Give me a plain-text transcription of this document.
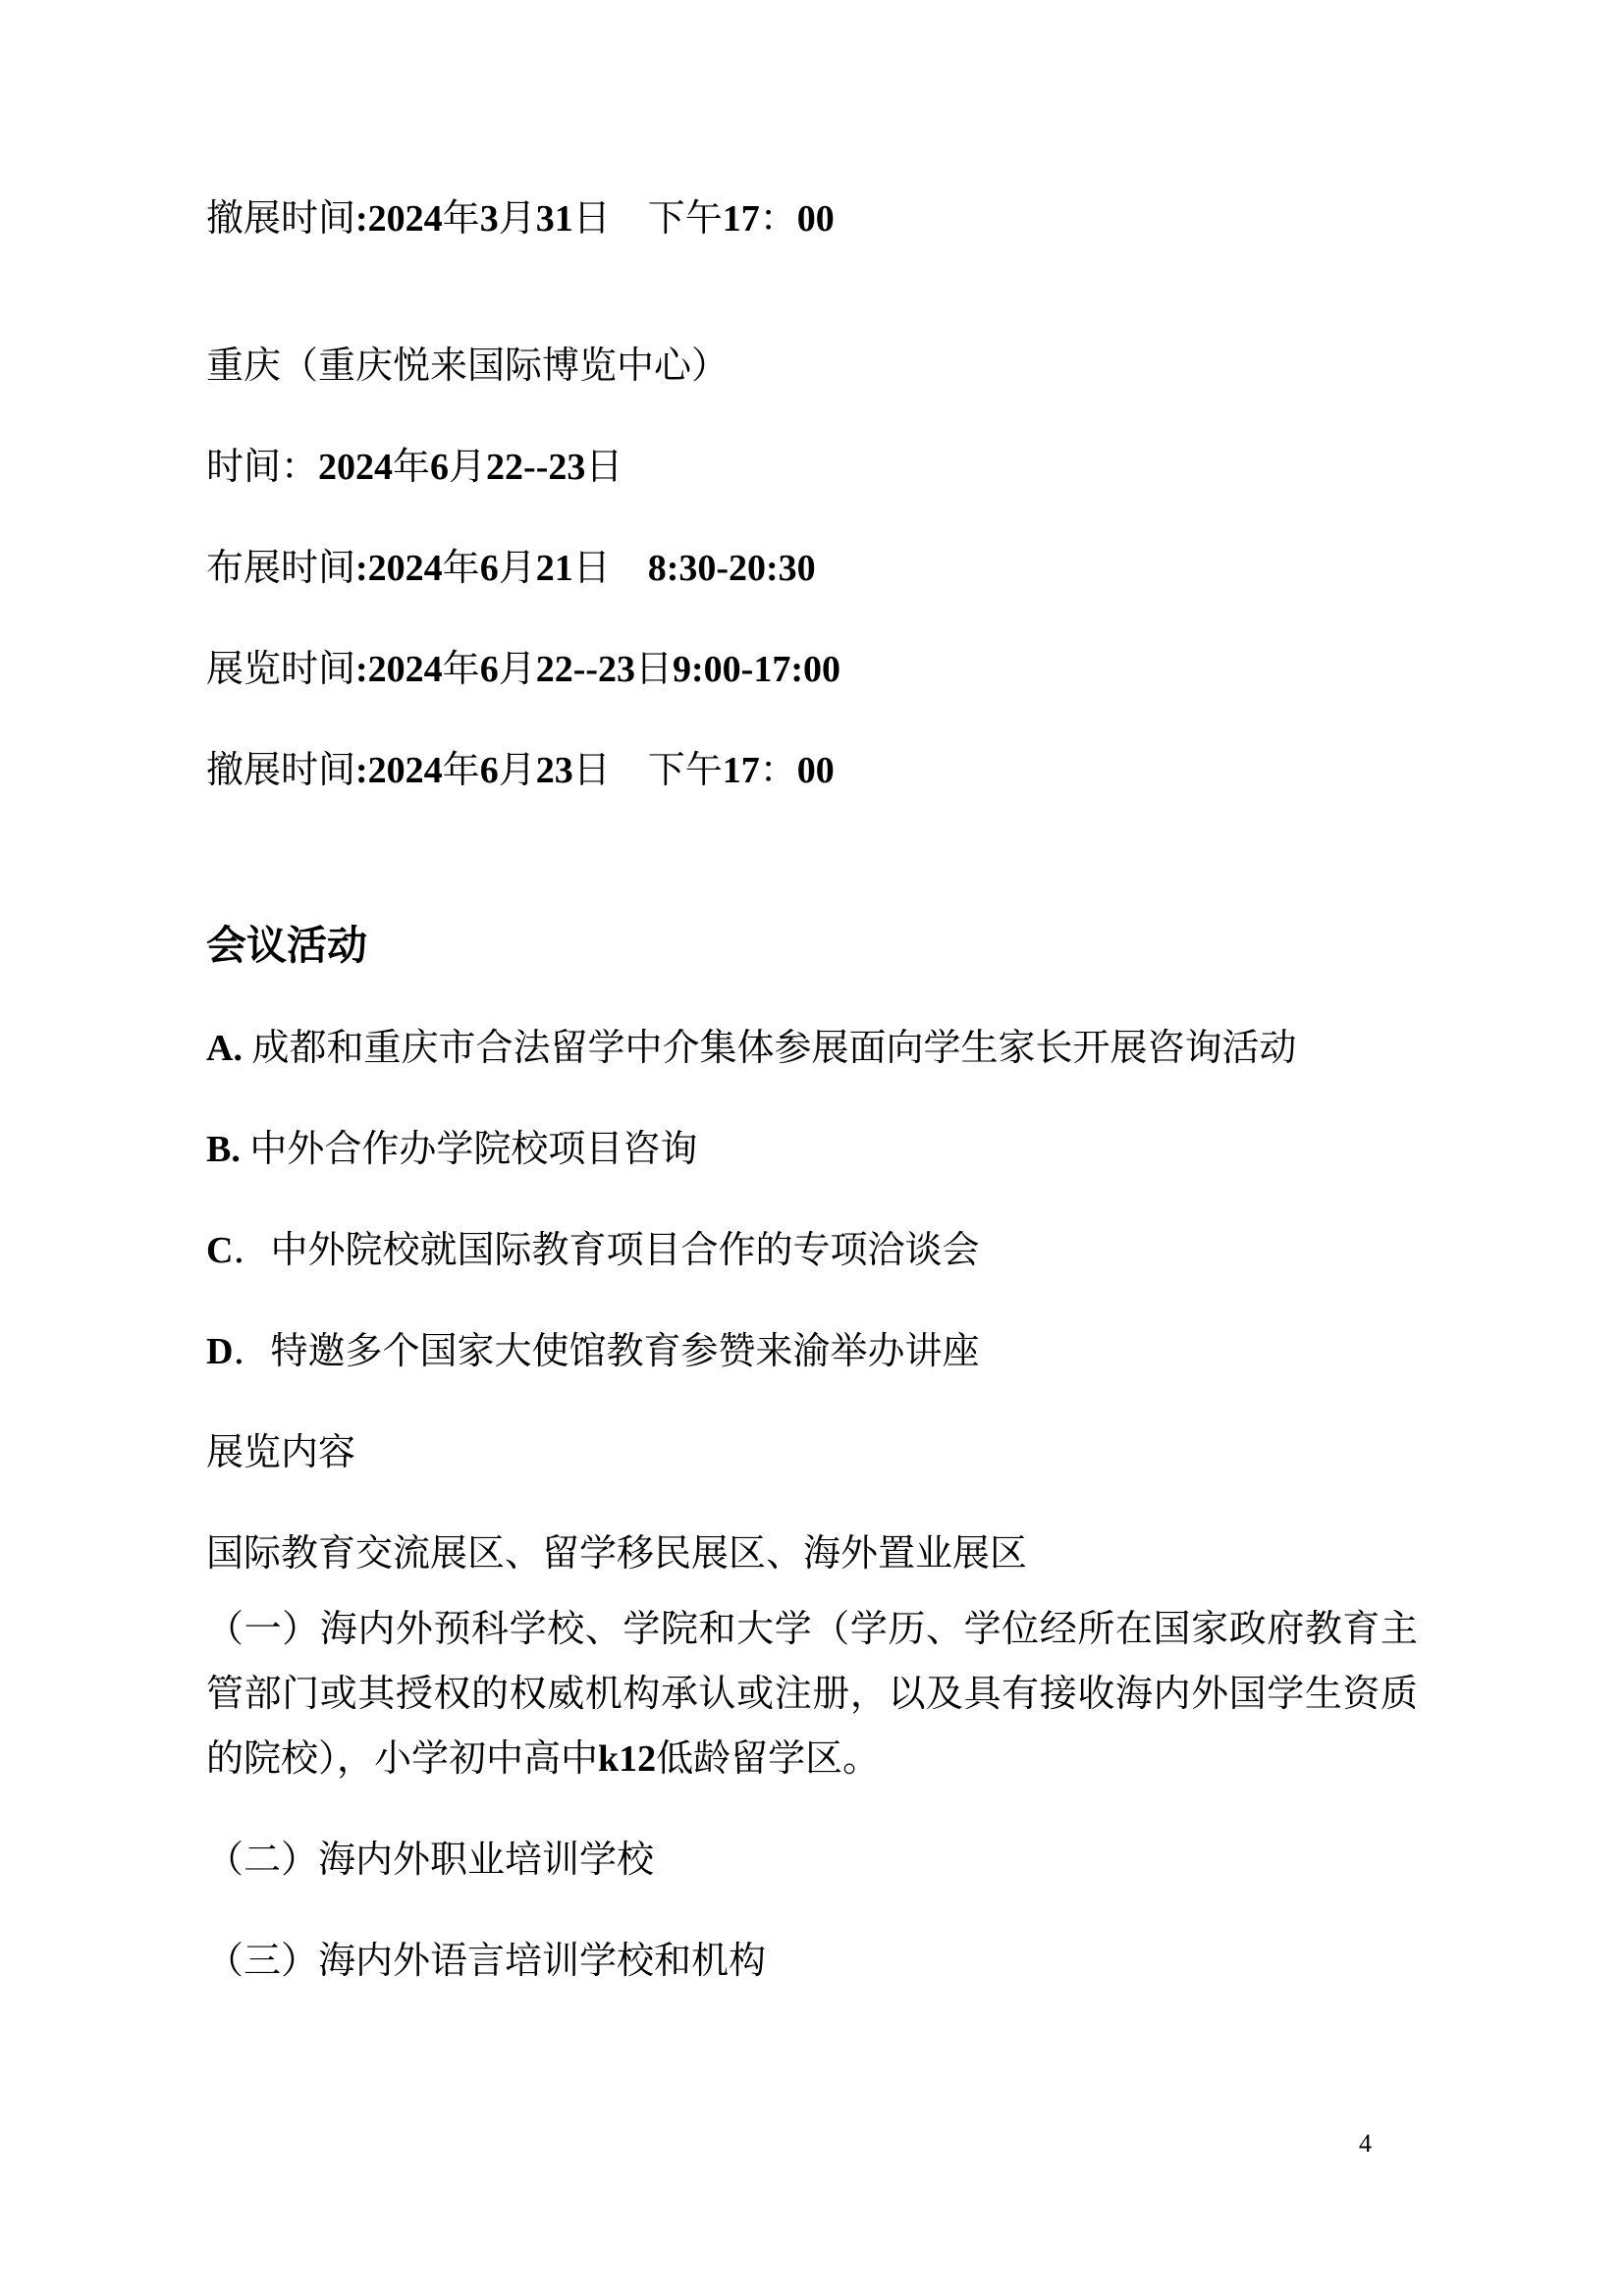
撤展时间:2024年3月31日　下午17：00
重庆（重庆悦来国际博览中心）
时间：2024年6月22--23日
布展时间:2024年6月21日　8:30-20:30
展览时间:2024年6月22--23日9:00-17:00
撤展时间:2024年6月23日　下午17：00
会议活动
A. 成都和重庆市合法留学中介集体参展面向学生家长开展咨询活动
B. 中外合作办学院校项目咨询
C．中外院校就国际教育项目合作的专项洽谈会
D．特邀多个国家大使馆教育参赞来渝举办讲座
展览内容
国际教育交流展区、留学移民展区、海外置业展区
（一）海内外预科学校、学院和大学（学历、学位经所在国家政府教育主管部门或其授权的权威机构承认或注册，以及具有接收海内外国学生资质的院校），小学初中高中k12低龄留学区。
（二）海内外职业培训学校
（三）海内外语言培训学校和机构
4
